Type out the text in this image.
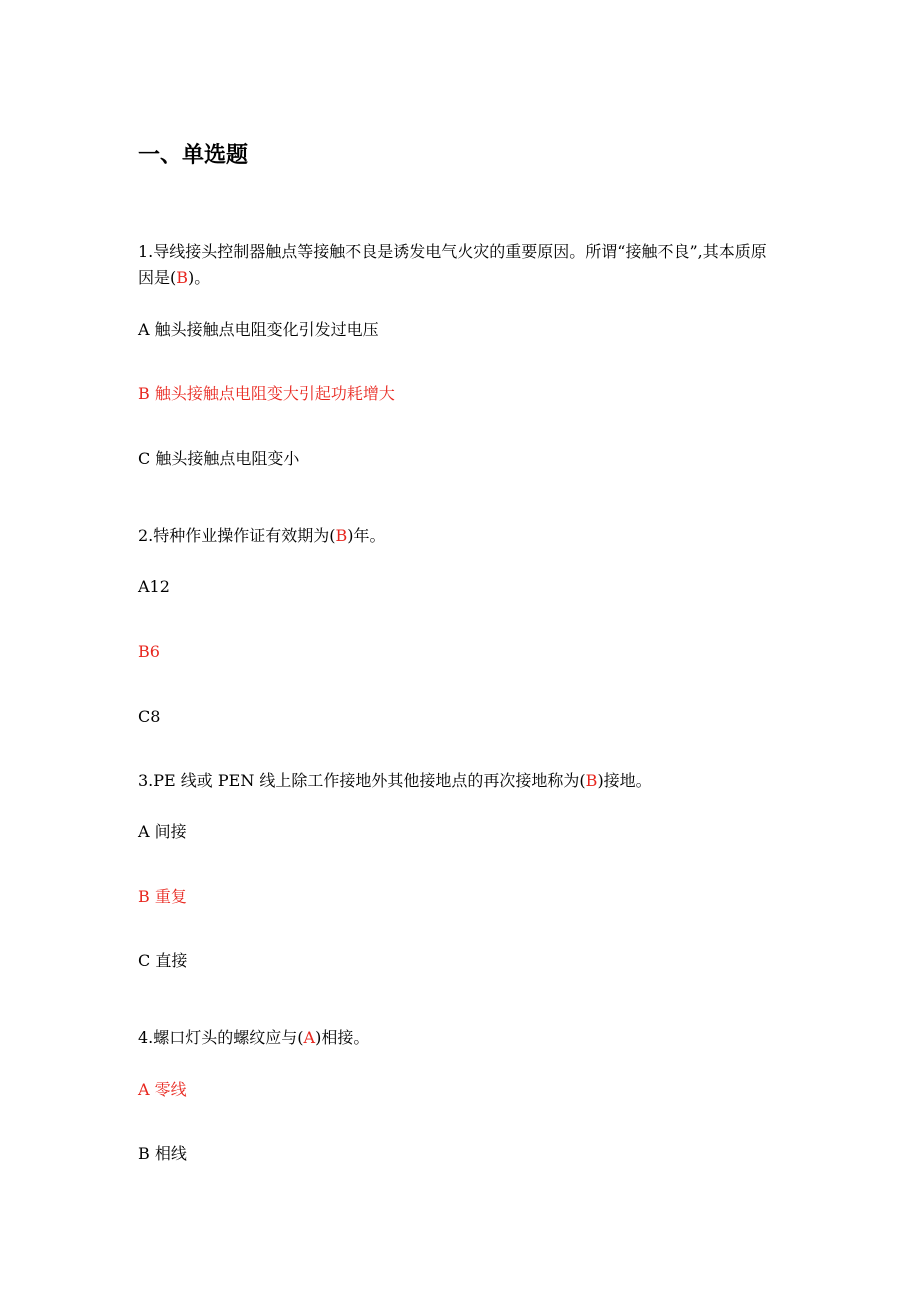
一、单选题

1.导线接头控制器触点等接触不良是诱发电气火灾的重要原因。所谓“接触不良”,其本质原因是(B)。

A 触头接触点电阻变化引发过电压

B 触头接触点电阻变大引起功耗增大

C 触头接触点电阻变小

2.特种作业操作证有效期为(B)年。

A12

B6

C8

3.PE 线或 PEN 线上除工作接地外其他接地点的再次接地称为(B)接地。

A 间接

B 重复

C 直接

4.螺口灯头的螺纹应与(A)相接。

A 零线

B 相线
